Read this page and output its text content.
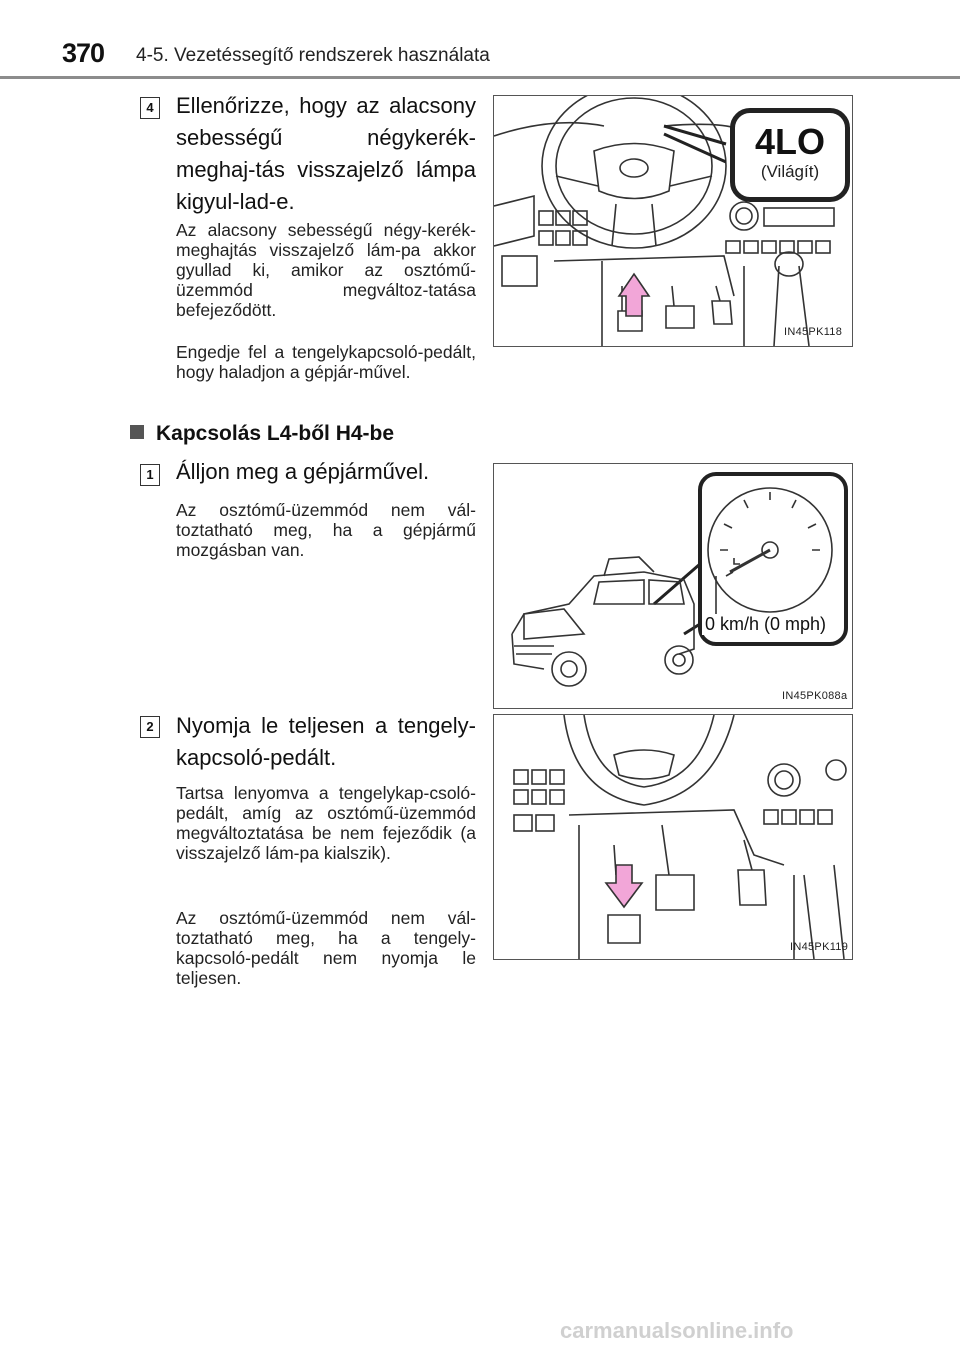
370 4-5. Vezetéssegítő rendszerek használata
4 Ellenőrizze, hogy az alacsony sebességű négykerék-meghaj-tás visszajelző lámpa kigyul-lad-e.
Az alacsony sebességű négy-kerék-meghajtás visszajelző lám-pa akkor gyullad ki, amikor az osztómű-üzemmód megváltoz-tatása befejeződött.
Engedje fel a tengelykapcsoló-pedált, hogy haladjon a gépjár-művel.
4LO
(Világít)
IN45PK118
Kapcsolás L4-ből H4-be
1 Álljon meg a gépjárművel.
Az osztómű-üzemmód nem vál-toztatható meg, ha a gépjármű mozgásban van.
0 km/h (0 mph)
IN45PK088a
2 Nyomja le teljesen a tengely-kapcsoló-pedált.
Tartsa lenyomva a tengelykap-csoló-pedált, amíg az osztómű-üzemmód megváltoztatása be nem fejeződik (a visszajelző lám-pa kialszik).
Az osztómű-üzemmód nem vál-toztatható meg, ha a tengely-kapcsoló-pedált nem nyomja le teljesen.
IN45PK119
carmanualsonline.info
